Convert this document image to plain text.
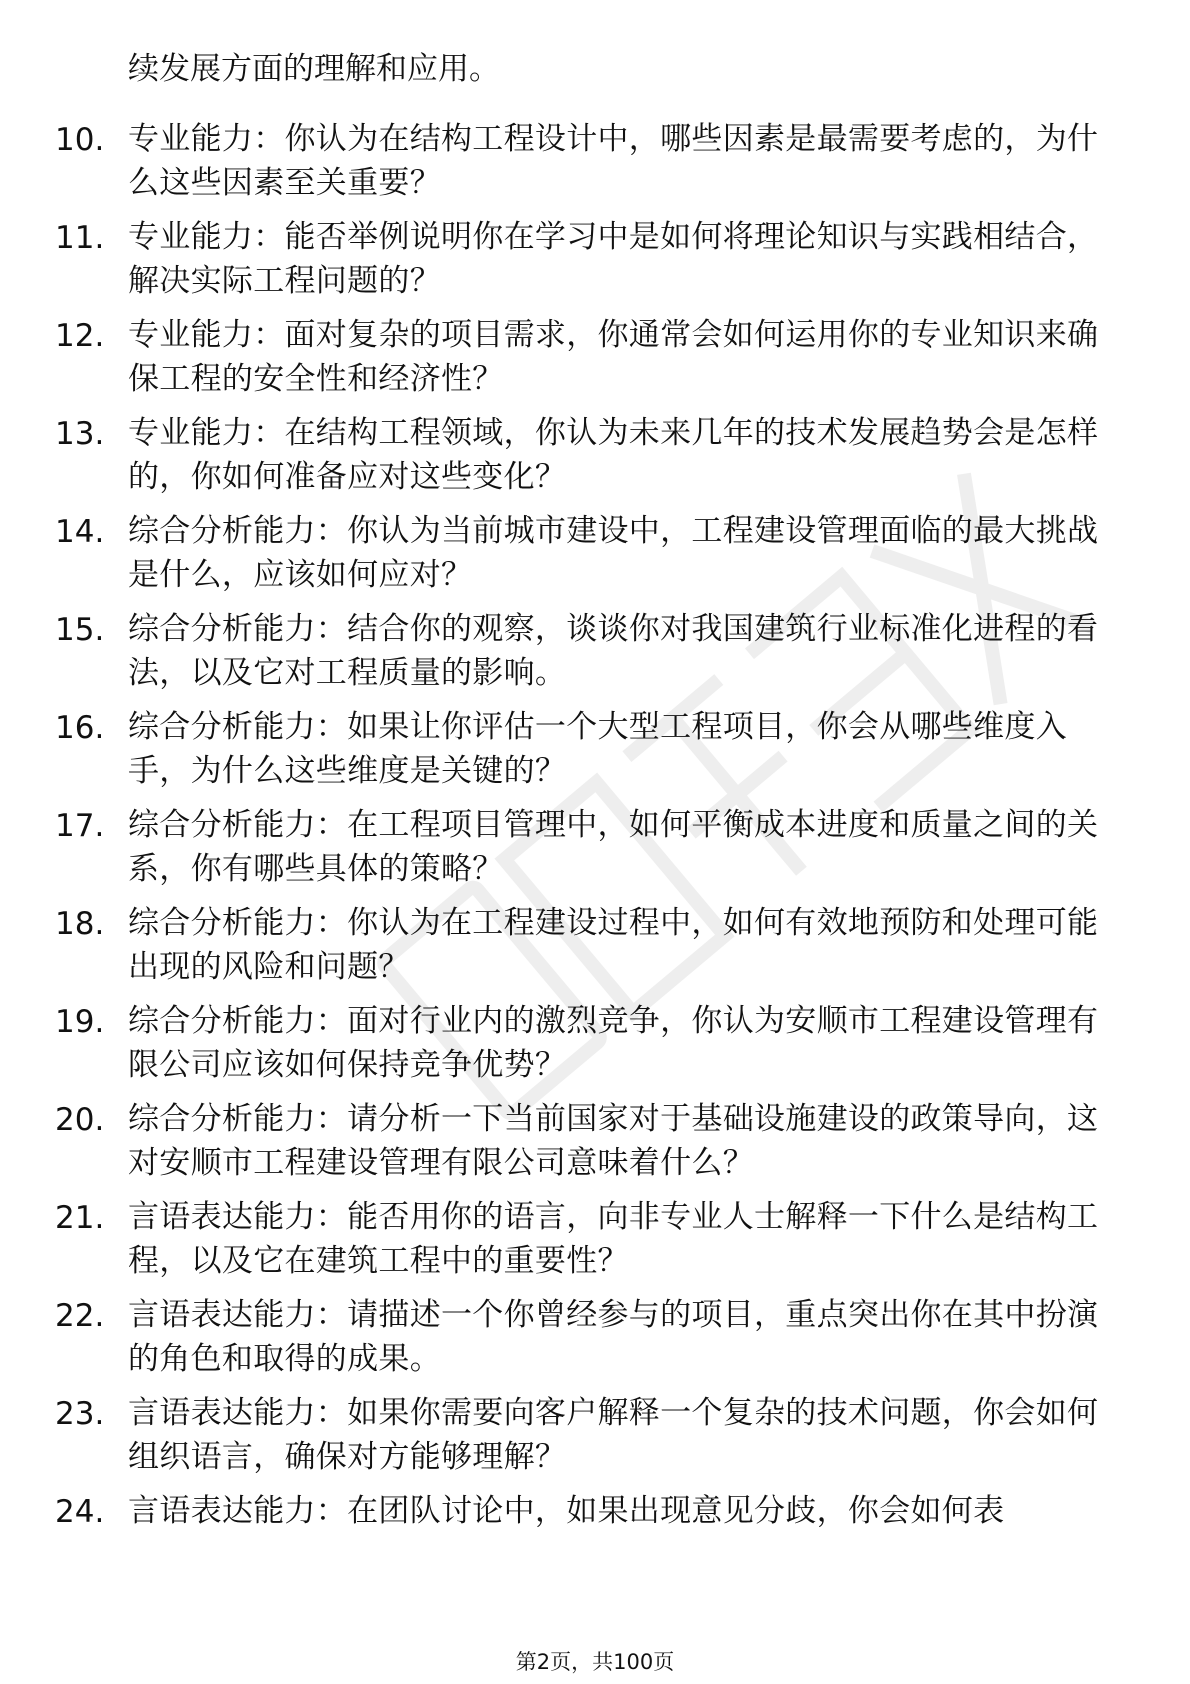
续发展方面的理解和应用。
10. 专业能力：你认为在结构工程设计中，哪些因素是最需要考虑的，为什么这些因素至关重要？
11. 专业能力：能否举例说明你在学习中是如何将理论知识与实践相结合，解决实际工程问题的？
12. 专业能力：面对复杂的项目需求，你通常会如何运用你的专业知识来确保工程的安全性和经济性？
13. 专业能力：在结构工程领域，你认为未来几年的技术发展趋势会是怎样的，你如何准备应对这些变化？
14. 综合分析能力：你认为当前城市建设中，工程建设管理面临的最大挑战是什么，应该如何应对？
15. 综合分析能力：结合你的观察，谈谈你对我国建筑行业标准化进程的看法，以及它对工程质量的影响。
16. 综合分析能力：如果让你评估一个大型工程项目，你会从哪些维度入手，为什么这些维度是关键的？
17. 综合分析能力：在工程项目管理中，如何平衡成本进度和质量之间的关系，你有哪些具体的策略？
18. 综合分析能力：你认为在工程建设过程中，如何有效地预防和处理可能出现的风险和问题？
19. 综合分析能力：面对行业内的激烈竞争，你认为安顺市工程建设管理有限公司应该如何保持竞争优势？
20. 综合分析能力：请分析一下当前国家对于基础设施建设的政策导向，这对安顺市工程建设管理有限公司意味着什么？
21. 言语表达能力：能否用你的语言，向非专业人士解释一下什么是结构工程，以及它在建筑工程中的重要性？
22. 言语表达能力：请描述一个你曾经参与的项目，重点突出你在其中扮演的角色和取得的成果。
23. 言语表达能力：如果你需要向客户解释一个复杂的技术问题，你会如何组织语言，确保对方能够理解？
24. 言语表达能力：在团队讨论中，如果出现意见分歧，你会如何表
第2页，共100页
